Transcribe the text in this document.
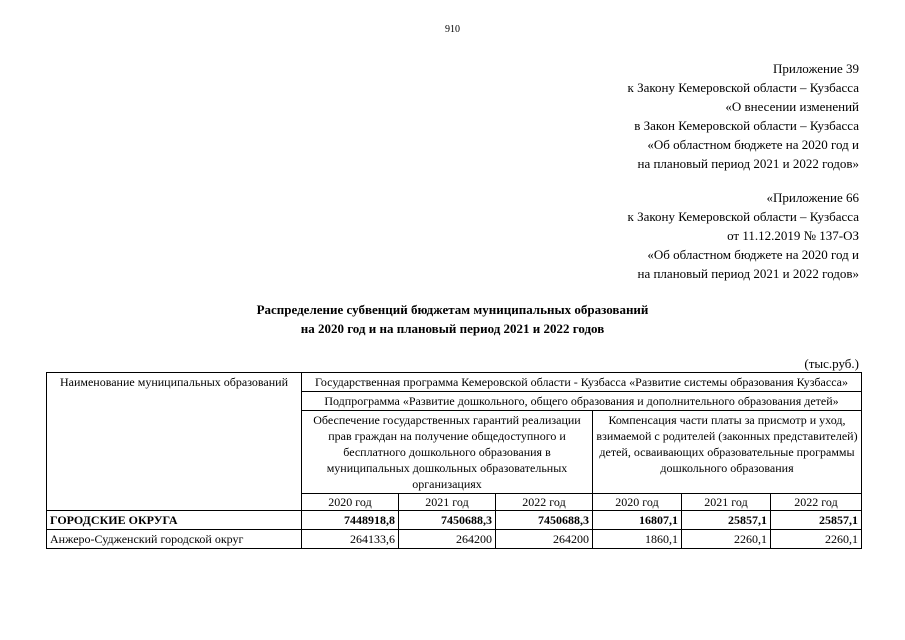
910
Приложение 39
к Закону Кемеровской области – Кузбасса
«О внесении изменений
в Закон Кемеровской области – Кузбасса
«Об областном бюджете на 2020 год и
на плановый период 2021 и 2022 годов»
«Приложение 66
к Закону Кемеровской области – Кузбасса
от 11.12.2019 № 137-ОЗ
«Об областном бюджете на 2020 год и
на плановый период 2021 и 2022 годов»
Распределение субвенций бюджетам муниципальных образований
на 2020 год и на плановый период 2021 и 2022 годов
(тыс.руб.)
Наименование муниципальных образований	Государственная программа Кемеровской области - Кузбасса «Развитие системы образования Кузбасса»					
	Подпрограмма «Развитие дошкольного, общего образования и дополнительного образования детей»					
	Обеспечение государственных гарантий реализации прав граждан на получение общедоступного и бесплатного дошкольного образования в муниципальных дошкольных образовательных организациях			Компенсация части платы за присмотр и уход, взимаемой с родителей (законных представителей) детей, осваивающих образовательные программы дошкольного образования		
	2020 год	2021 год	2022 год	2020 год	2021 год	2022 год
ГОРОДСКИЕ ОКРУГА	7448918,8	7450688,3	7450688,3	16807,1	25857,1	25857,1
Анжеро-Судженский городской округ	264133,6	264200	264200	1860,1	2260,1	2260,1
